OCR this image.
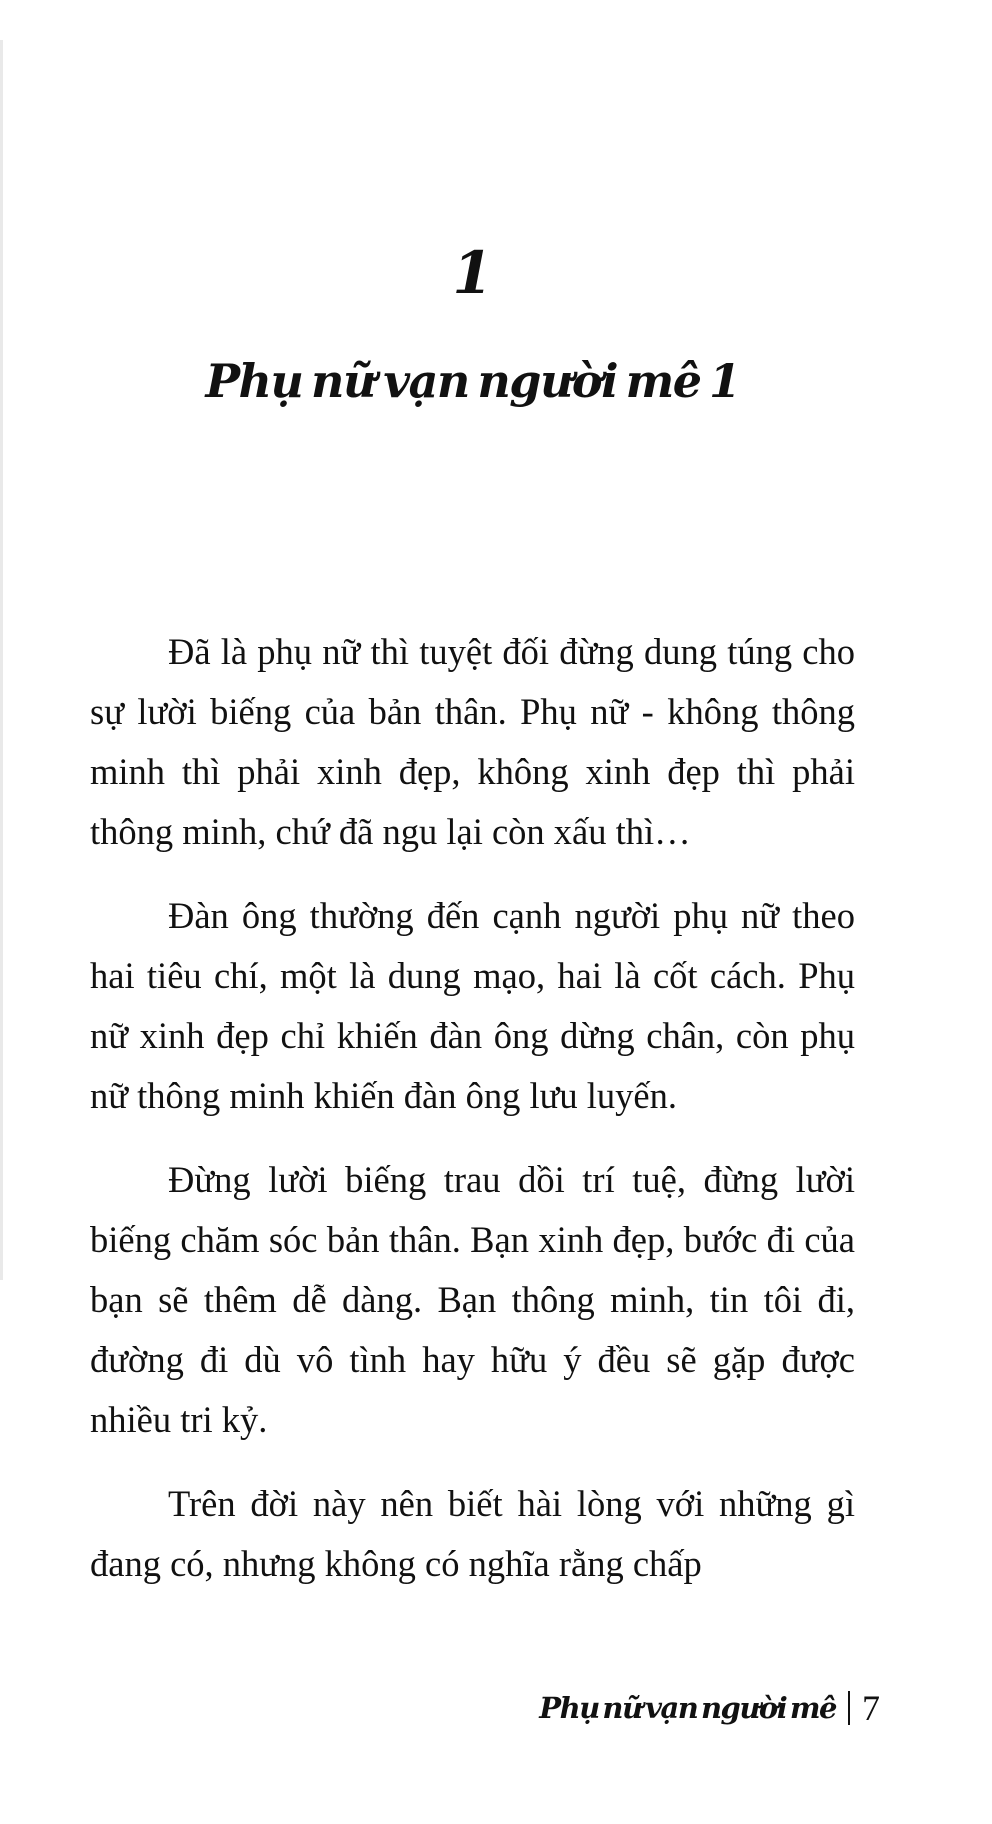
1
Phụ nữ vạn người mê 1

Đã là phụ nữ thì tuyệt đối đừng dung túng cho sự lười biếng của bản thân. Phụ nữ - không thông minh thì phải xinh đẹp, không xinh đẹp thì phải thông minh, chứ đã ngu lại còn xấu thì…

Đàn ông thường đến cạnh người phụ nữ theo hai tiêu chí, một là dung mạo, hai là cốt cách. Phụ nữ xinh đẹp chỉ khiến đàn ông dừng chân, còn phụ nữ thông minh khiến đàn ông lưu luyến.

Đừng lười biếng trau dồi trí tuệ, đừng lười biếng chăm sóc bản thân. Bạn xinh đẹp, bước đi của bạn sẽ thêm dễ dàng. Bạn thông minh, tin tôi đi, đường đi dù vô tình hay hữu ý đều sẽ gặp được nhiều tri kỷ.

Trên đời này nên biết hài lòng với những gì đang có, nhưng không có nghĩa rằng chấp

Phụ nữ vạn người mê 7
